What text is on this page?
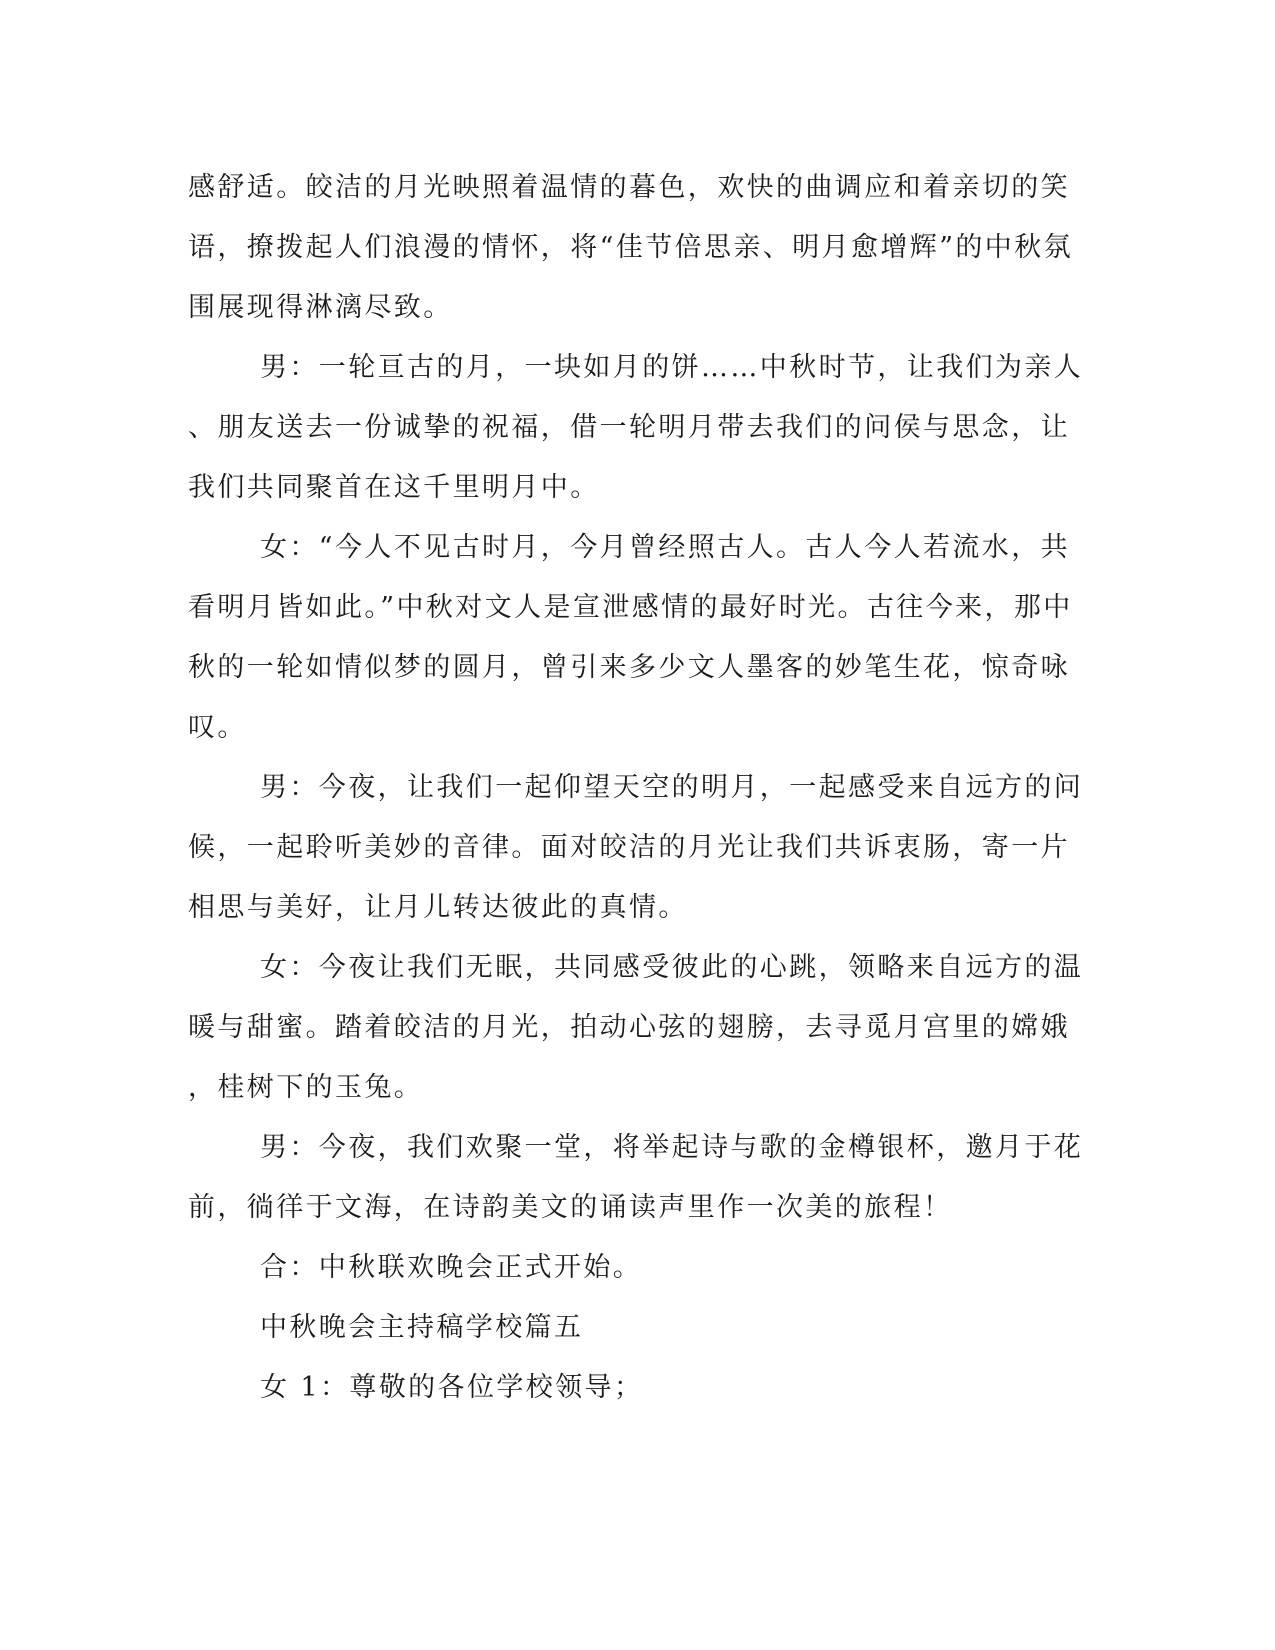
感舒适。皎洁的月光映照着温情的暮色，欢快的曲调应和着亲切的笑
语，撩拨起人们浪漫的情怀，将“佳节倍思亲、明月愈增辉”的中秋氛
围展现得淋漓尽致。
男：一轮亘古的月，一块如月的饼……中秋时节，让我们为亲人
、朋友送去一份诚挚的祝福，借一轮明月带去我们的问侯与思念，让
我们共同聚首在这千里明月中。
女：“今人不见古时月，今月曾经照古人。古人今人若流水，共
看明月皆如此。”中秋对文人是宣泄感情的最好时光。古往今来，那中
秋的一轮如情似梦的圆月，曾引来多少文人墨客的妙笔生花，惊奇咏
叹。
男：今夜，让我们一起仰望天空的明月，一起感受来自远方的问
候，一起聆听美妙的音律。面对皎洁的月光让我们共诉衷肠，寄一片
相思与美好，让月儿转达彼此的真情。
女：今夜让我们无眠，共同感受彼此的心跳，领略来自远方的温
暖与甜蜜。踏着皎洁的月光，拍动心弦的翅膀，去寻觅月宫里的嫦娥
，桂树下的玉兔。
男：今夜，我们欢聚一堂，将举起诗与歌的金樽银杯，邀月于花
前，徜徉于文海，在诗韵美文的诵读声里作一次美的旅程！
合：中秋联欢晚会正式开始。
中秋晚会主持稿学校篇五
女 1：尊敬的各位学校领导；
